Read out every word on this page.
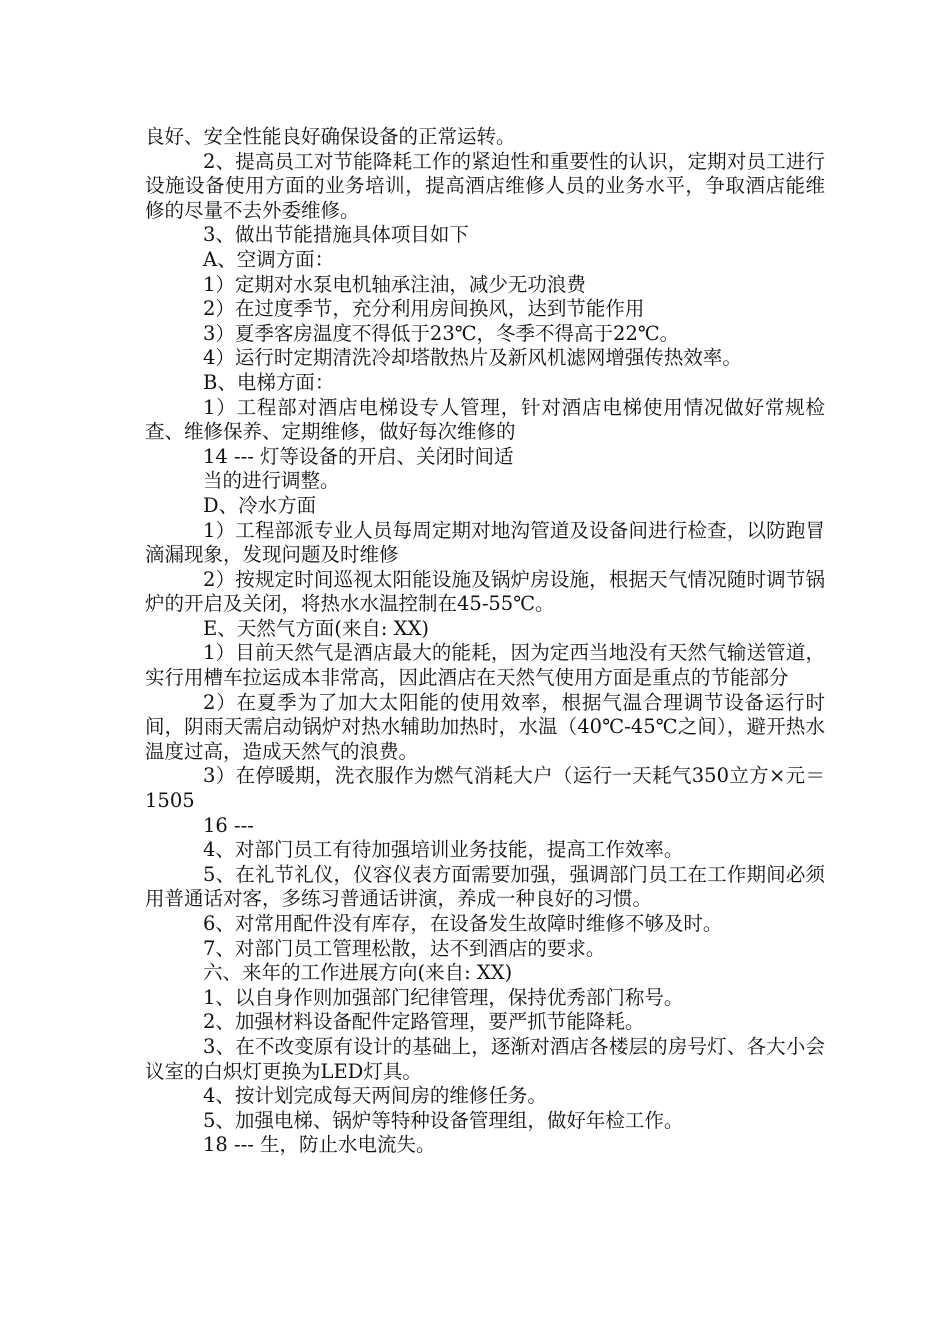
良好、安全性能良好确保设备的正常运转。

2、提高员工对节能降耗工作的紧迫性和重要性的认识，定期对员工进行设施设备使用方面的业务培训，提高酒店维修人员的业务水平，争取酒店能维修的尽量不去外委维修。

3、做出节能措施具体项目如下

A、空调方面：

1）定期对水泵电机轴承注油，减少无功浪费

2）在过度季节，充分利用房间换风，达到节能作用

3）夏季客房温度不得低于23℃，冬季不得高于22℃。

4）运行时定期清洗冷却塔散热片及新风机滤网增强传热效率。

B、电梯方面：

1）工程部对酒店电梯设专人管理，针对酒店电梯使用情况做好常规检查、维修保养、定期维修，做好每次维修的

14 --- 灯等设备的开启、关闭时间适

当的进行调整。

D、冷水方面

1）工程部派专业人员每周定期对地沟管道及设备间进行检查，以防跑冒滴漏现象，发现问题及时维修

2）按规定时间巡视太阳能设施及锅炉房设施，根据天气情况随时调节锅炉的开启及关闭，将热水水温控制在45-55℃。

E、天然气方面(来自: XX)

1）目前天然气是酒店最大的能耗，因为定西当地没有天然气输送管道，实行用槽车拉运成本非常高，因此酒店在天然气使用方面是重点的节能部分

2）在夏季为了加大太阳能的使用效率，根据气温合理调节设备运行时间，阴雨天需启动锅炉对热水辅助加热时，水温（40℃-45℃之间），避开热水温度过高，造成天然气的浪费。

3）在停暖期，洗衣服作为燃气消耗大户（运行一天耗气350立方×元＝1505

16 ---

4、对部门员工有待加强培训业务技能，提高工作效率。

5、在礼节礼仪，仪容仪表方面需要加强，强调部门员工在工作期间必须用普通话对客，多练习普通话讲演，养成一种良好的习惯。

6、对常用配件没有库存，在设备发生故障时维修不够及时。

7、对部门员工管理松散，达不到酒店的要求。

六、来年的工作进展方向(来自: XX)

1、以自身作则加强部门纪律管理，保持优秀部门称号。

2、加强材料设备配件定路管理，要严抓节能降耗。

3、在不改变原有设计的基础上，逐渐对酒店各楼层的房号灯、各大小会议室的白炽灯更换为LED灯具。

4、按计划完成每天两间房的维修任务。

5、加强电梯、锅炉等特种设备管理组，做好年检工作。

18 --- 生，防止水电流失。
